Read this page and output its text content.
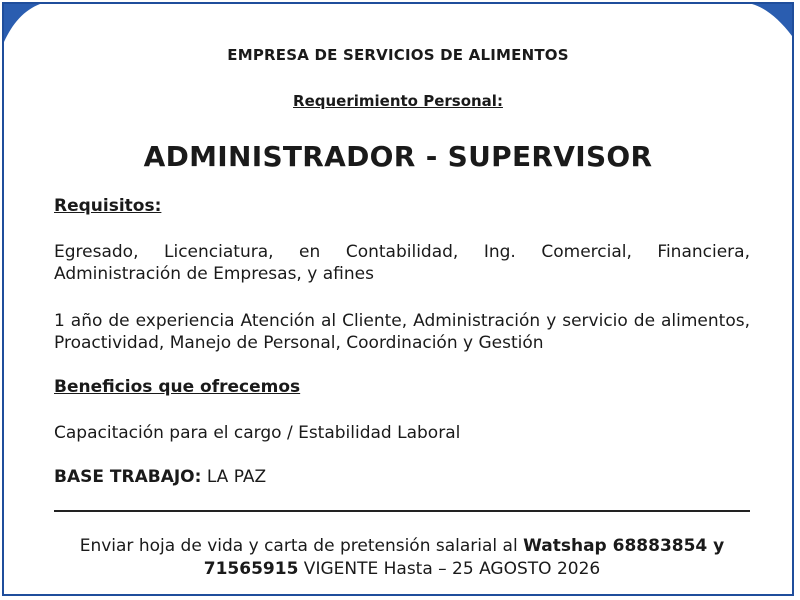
EMPRESA DE SERVICIOS DE ALIMENTOS
Requerimiento Personal:
ADMINISTRADOR - SUPERVISOR
Requisitos:
Egresado, Licenciatura, en Contabilidad, Ing. Comercial, Financiera, Administración de Empresas, y afines
1 año de experiencia Atención al Cliente, Administración y servicio de alimentos, Proactividad, Manejo de Personal, Coordinación y Gestión
Beneficios que ofrecemos
Capacitación para el cargo / Estabilidad Laboral
BASE TRABAJO: LA PAZ
Enviar hoja de vida y carta de pretensión salarial al Watshap 68883854 y 71565915 VIGENTE Hasta – 25 AGOSTO 2026
